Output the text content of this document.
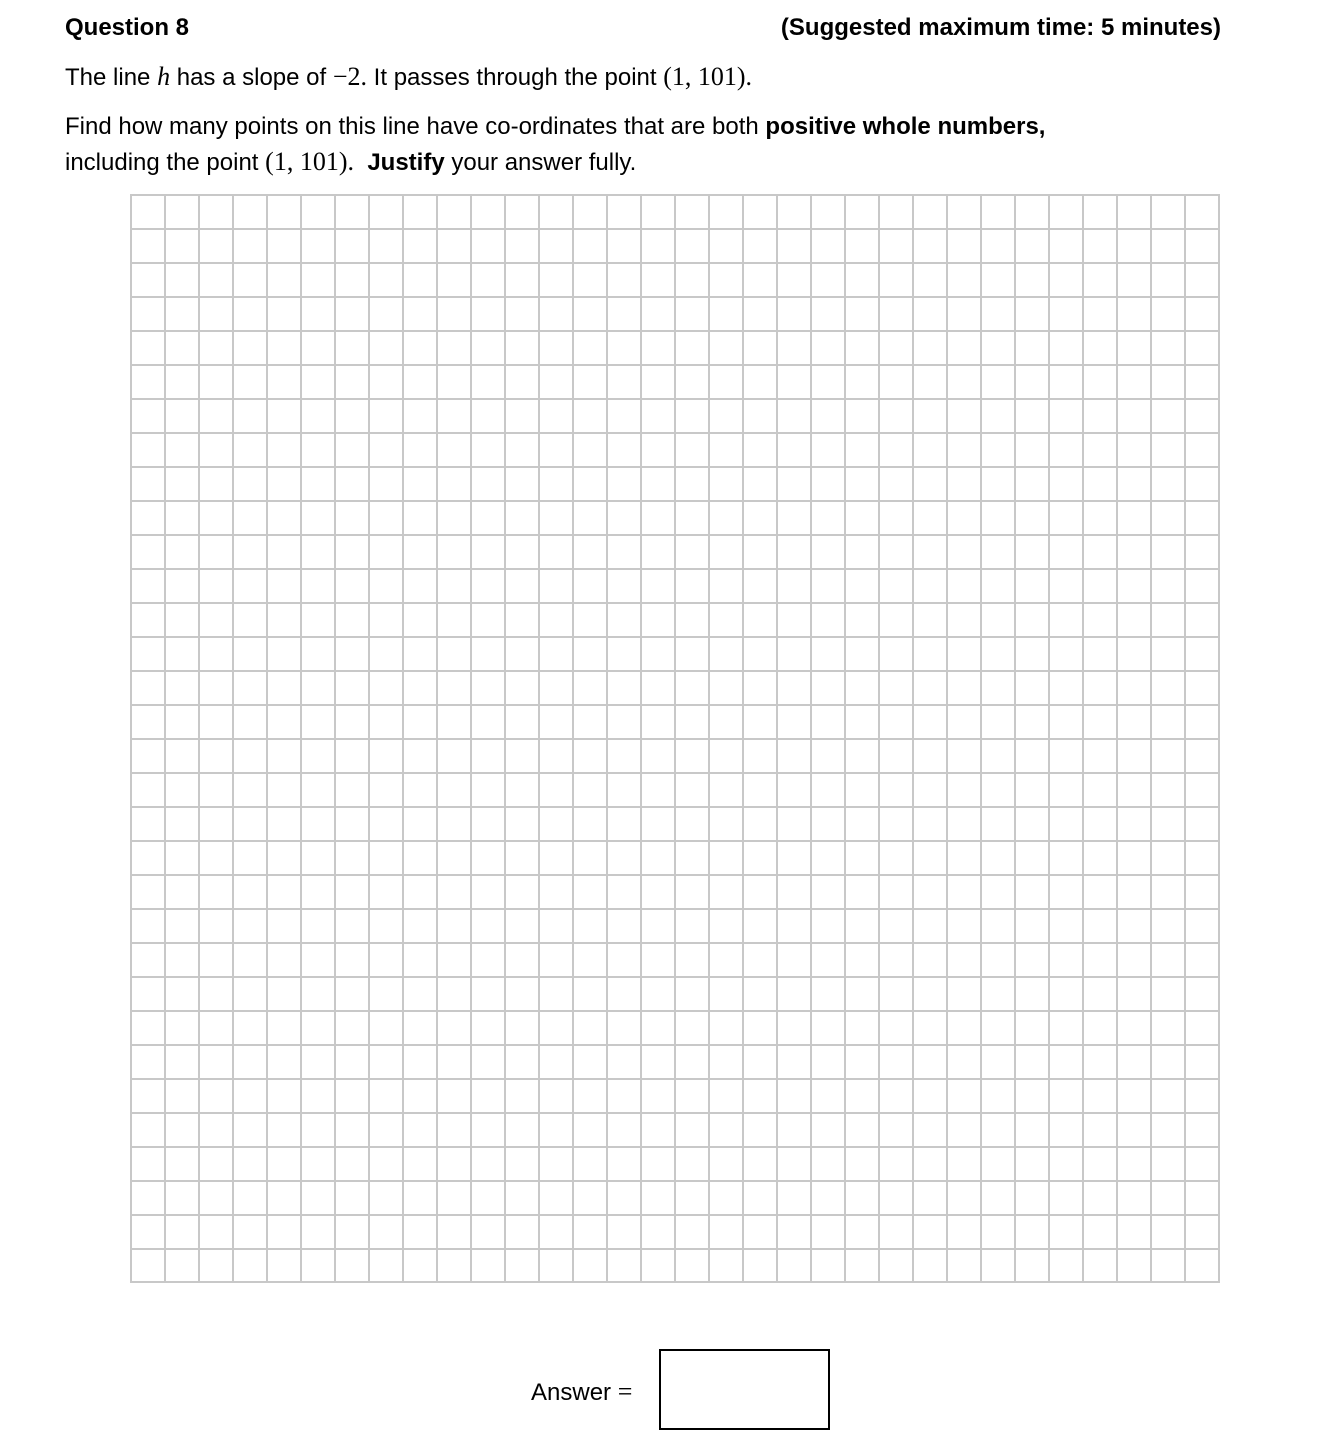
Question 8	(Suggested maximum time: 5 minutes)
The line h has a slope of −2. It passes through the point (1, 101).
Find how many points on this line have co-ordinates that are both positive whole numbers,
including the point (1, 101). Justify your answer fully.
Answer =
